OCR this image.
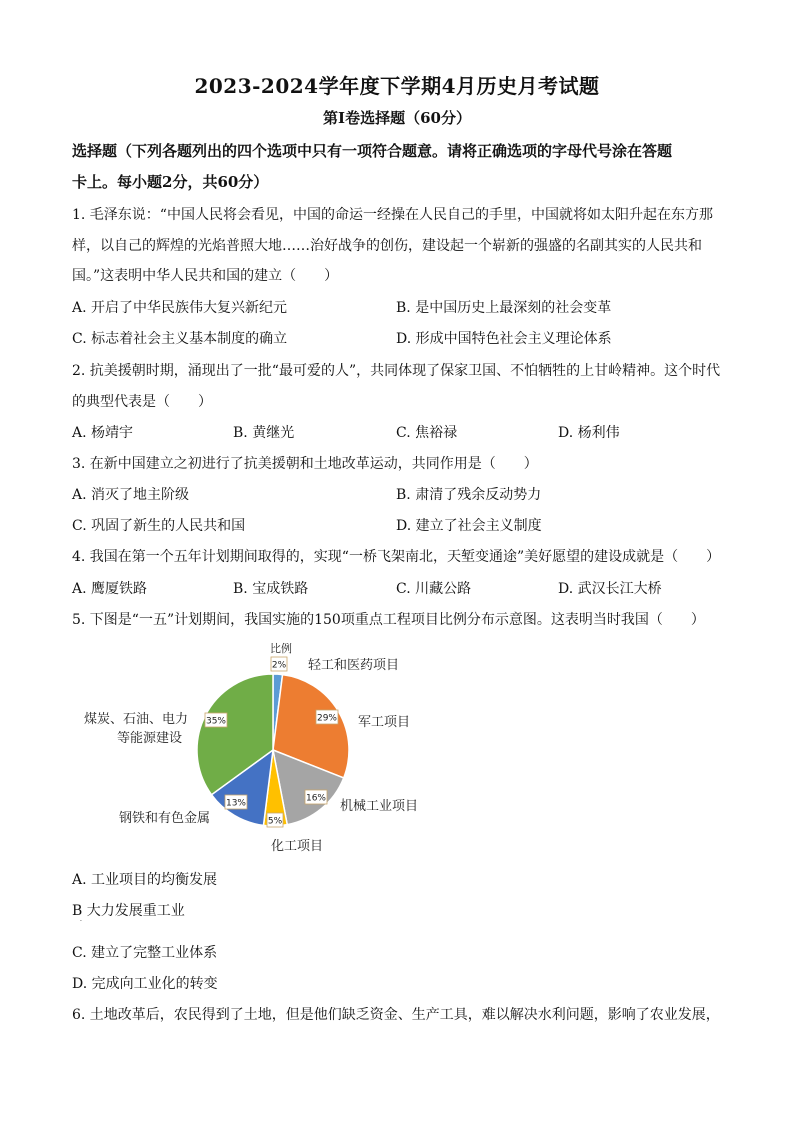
2023-2024学年度下学期4月历史月考试题
第Ⅰ卷选择题（60分）
选择题（下列各题列出的四个选项中只有一项符合题意。请将正确选项的字母代号涂在答题
卡上。每小题2分，共60分）
1. 毛泽东说：“中国人民将会看见，中国的命运一经操在人民自己的手里，中国就将如太阳升起在东方那
样，以自己的辉煌的光焰普照大地……治好战争的创伤，建设起一个崭新的强盛的名副其实的人民共和
国。”这表明中华人民共和国的建立（　　）
A. 开启了中华民族伟大复兴新纪元	B. 是中国历史上最深刻的社会变革
C. 标志着社会主义基本制度的确立	D. 形成中国特色社会主义理论体系
2. 抗美援朝时期，涌现出了一批“最可爱的人”，共同体现了保家卫国、不怕牺牲的上甘岭精神。这个时代
的典型代表是（　　）
A. 杨靖宇	B. 黄继光	C. 焦裕禄	D. 杨利伟
3. 在新中国建立之初进行了抗美援朝和土地改革运动，共同作用是（　　）
A. 消灭了地主阶级	B. 肃清了残余反动势力
C. 巩固了新生的人民共和国	D. 建立了社会主义制度
4. 我国在第一个五年计划期间取得的，实现“一桥飞架南北，天堑变通途”美好愿望的建设成就是（　　）
A. 鹰厦铁路	B. 宝成铁路	C. 川藏公路	D. 武汉长江大桥
5. 下图是“一五”计划期间，我国实施的150项重点工程项目比例分布示意图。这表明当时我国（　　）
2%
29%
16%
5%
13%
35%
轻工和医药项目
军工项目
机械工业项目
化工项目
钢铁和有色金属
煤炭、石油、电力
等能源建设
比例
A. 工业项目的均衡发展
B 大力发展重工业
·
C. 建立了完整工业体系
D. 完成向工业化的转变
6. 土地改革后，农民得到了土地，但是他们缺乏资金、生产工具，难以解决水利问题，影响了农业发展，
